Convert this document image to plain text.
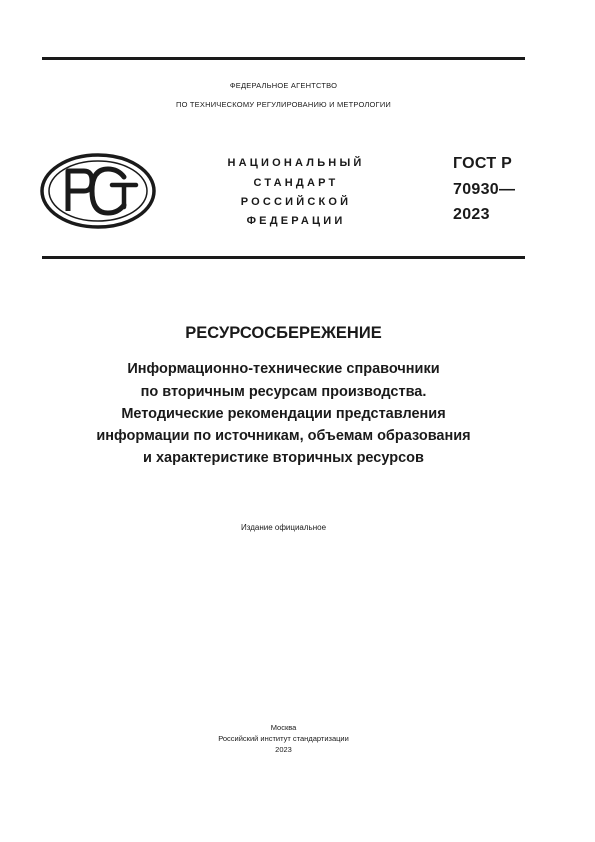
ФЕДЕРАЛЬНОЕ АГЕНТСТВО
ПО ТЕХНИЧЕСКОМУ РЕГУЛИРОВАНИЮ И МЕТРОЛОГИИ
НАЦИОНАЛЬНЫЙ
СТАНДАРТ
РОССИЙСКОЙ
ФЕДЕРАЦИИ
ГОСТ Р
70930—
2023
РЕСУРСОСБЕРЕЖЕНИЕ
Информационно-технические справочники
по вторичным ресурсам производства.
Методические рекомендации представления
информации по источникам, объемам образования
и характеристике вторичных ресурсов
Издание официальное
Москва
Российский институт стандартизации
2023
